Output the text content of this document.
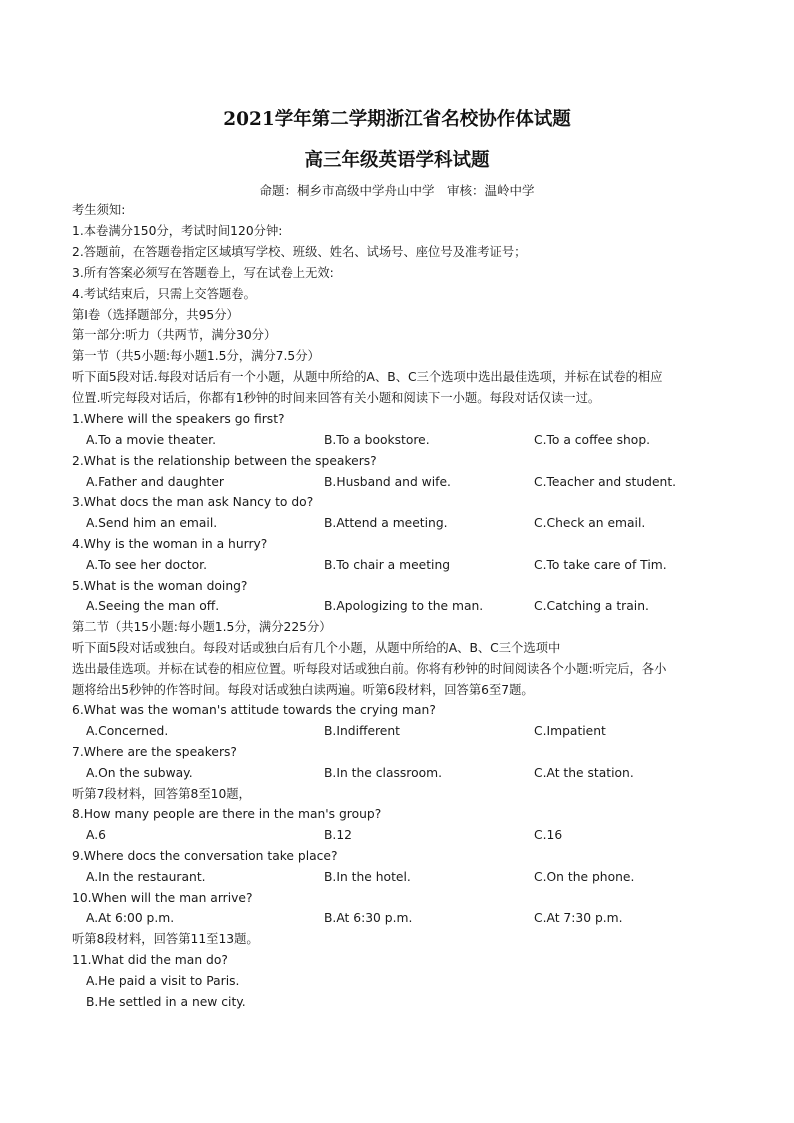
2021学年第二学期浙江省名校协作体试题
高三年级英语学科试题
命题：桐乡市高级中学舟山中学　审核：温岭中学
考生须知:
1.本卷满分150分，考试时间120分钟:
2.答题前，在答题卷指定区域填写学校、班级、姓名、试场号、座位号及准考证号；
3.所有答案必须写在答题卷上，写在试卷上无效:
4.考试结束后，只需上交答题卷。
第I卷（选择题部分，共95分）
第一部分:听力（共两节，满分30分）
第一节（共5小题:每小题1.5分，满分7.5分）
听下面5段对话.每段对话后有一个小题，从题中所给的A、B、C三个选项中选出最佳选项，并标在试卷的相应
位置.听完每段对话后，你都有1秒钟的时间来回答有关小题和阅读下一小题。每段对话仅读一过。
1.Where will the speakers go first?
A.To a movie theater.	B.To a bookstore.	C.To a coffee shop.
2.What is the relationship between the speakers?
A.Father and daughter	B.Husband and wife.	C.Teacher and student.
3.What docs the man ask Nancy to do?
A.Send him an email.	B.Attend a meeting.	C.Check an email.
4.Why is the woman in a hurry?
A.To see her doctor.	B.To chair a meeting	C.To take care of Tim.
5.What is the woman doing?
A.Seeing the man off.	B.Apologizing to the man.	C.Catching a train.
第二节（共15小题:每小题1.5分，满分225分）
听下面5段对话或独白。每段对话或独白后有几个小题，从题中所给的A、B、C三个选项中
选出最佳选项。并标在试卷的相应位置。听每段对话或独白前。你将有秒钟的时间阅读各个小题:听完后，各小
题将给出5秒钟的作答时间。每段对话或独白读两遍。听第6段材料，回答第6至7题。
6.What was the woman's attitude towards the crying man?
A.Concerned.	B.Indifferent	C.Impatient
7.Where are the speakers?
A.On the subway.	B.In the classroom.	C.At the station.
听第7段材料，回答第8至10题，
8.How many people are there in the man's group?
A.6	B.12	C.16
9.Where docs the conversation take place?
A.In the restaurant.	B.In the hotel.	C.On the phone.
10.When will the man arrive?
A.At 6:00 p.m.	B.At 6:30 p.m.	C.At 7:30 p.m.
听第8段材料，回答第11至13题。
11.What did the man do?
A.He paid a visit to Paris.
B.He settled in a new city.
